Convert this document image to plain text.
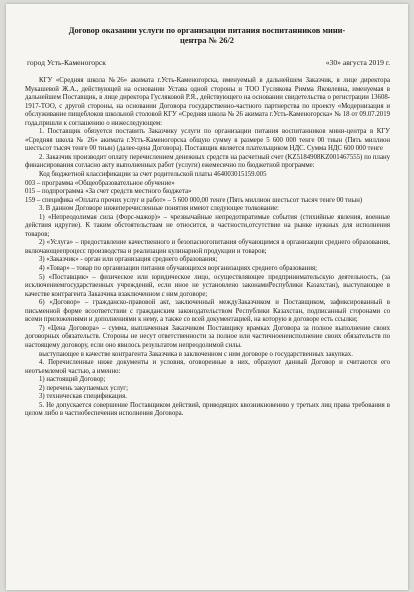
Договор оказании услуги по организации питания воспитанников мини-центра № 26/2
город Усть-Каменогорск	«30» августа 2019 г.

КГУ «Средняя школа №26» акимата г.Усть-Каменогорска, именуемый в дальнейшем Заказчик, в лице директора Мукашевой Ж.А., действующей на основании Устава одной стороны и ТОО Гусляковa Риммa Яковлевна, именуемая в дальнейшем Поставщик, в лице директора Гусляковой Р.Я., действующего на основании свидетельства о регистрации 13608-1917-ТОО, с другой стороны, на основании Договора государственно-частного партнерства по проекту «Модернизация и обслуживание пищеблоков школьной столовой КГУ «Средняя школа № 26 акимата г.Усть-Каменогорска» № 18 от 09.07.2019 года,пришли к соглашению о нижеследующем:

1. Поставщик обязуется поставить Заказчику услуги по организации питания воспитанников мини-центра в КГУ «Средняя школа № 26» акимата г.Усть-Каменогорска общую сумму в размере 5 600 000 тенге 00 тиын (Пять миллион шестьсот тысяч тенге 00 тиын) (далее-цена Договора). Поставщик является плательщиком НДС. Сумма НДС 600 000 тенге

2. Заказчик производит оплату перечислением денежных средств на расчетный счет (KZ5184908KZ001467555) по плану финансирования согласно акту выполненных работ (услуги) ежемесячно по бюджетной программе:

Код бюджетной классификации за счет родительской платы 464003015159.005

003 – программа «Общеобразовательное обучение»

015 – подпрограмма «За счет средств местного бюджета»

159 – специфика «Оплата прочих услуг и работ» – 5 600 000,00 тенге (Пять миллион шестьсот тысяч тенге 00 тиын)

3. В данном Договоре нижеперечисленные понятия имеют следующее толкование:

1) «Непреодолимая сила (Форс-мажор)» – чрезвычайные непредотвратимые события (стихийные явления, военные действия идругие). К таким обстоятельствам не относится, в частности,отсутствие на рынке нужных для исполнения товаров;

2) «Услуга» – предоставление качественного и безопасногопитания обучающимся в организации среднего образования, включающеепроцесс производства и реализации кулинарной продукции и товаров;

3) «Заказчик» - орган или организация среднего образования;

4) «Товар» – товар по организации питания обучающихся ворганизациях среднего образования;

5) «Поставщик» – физическое или юридическое лицо, осуществляющее предпринимательскую деятельность, (за исключениемгосударственных учреждений, если иное не установлено законамиРеспублики Казахстан), выступающее в качестве контрагента Заказчика взаключенном с ним договоре;

6) «Договор» – гражданско-правовой акт, заключенный междуЗаказчиком и Поставщиком, зафиксированный в письменной форме всоответствии с гражданским законодательством Республики Казахстан, подписанный сторонами со всеми приложениями и дополнениями к нему, а также со всей документацией, на которую в договоре есть ссылки;

7) «Цена Договора» – сумма, выплаченная Заказчиком Поставщику врамках Договора за полное выполнение своих договорных обязательств. Стороны не несут ответственности за полное или частичноенеисполнение своих обязательств по настоящему договору, если оно явилось результатом непреодолимой силы.

выступающее в качестве контрагента Заказчика в заключенном с ним договоре о государственных закупках.

4. Перечисленные ниже документы и условия, оговоренные в них, образуют данный Договор и считаются его неотъемлемой частью, а именно:

1) настоящий Договор;

2) перечень закупаемых услуг;

3) техническая спецификация.

5. Не допускается совершение Поставщиком действий, приводящих квозникновению у третьих лиц права требования в целом либо в частнобеспечения исполнения Договора.
